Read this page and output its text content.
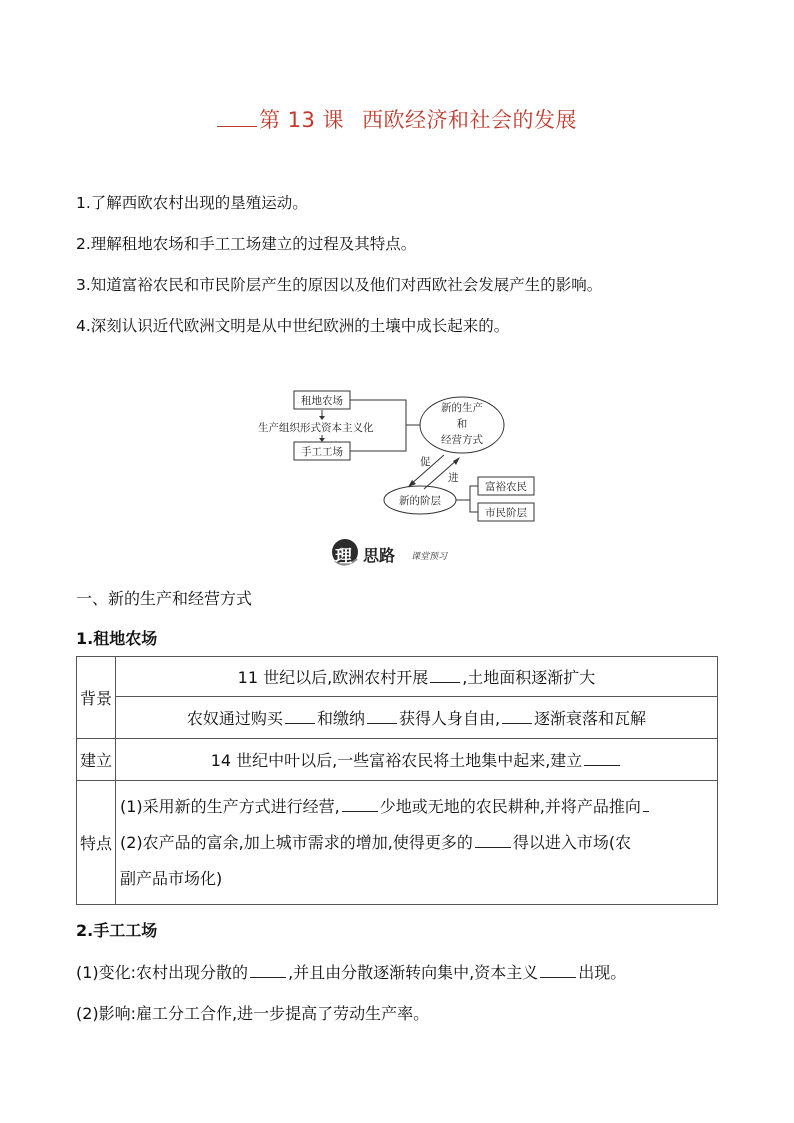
第 13 课 西欧经济和社会的发展
1.了解西欧农村出现的垦殖运动。
2.理解租地农场和手工工场建立的过程及其特点。
3.知道富裕农民和市民阶层产生的原因以及他们对西欧社会发展产生的影响。
4.深刻认识近代欧洲文明是从中世纪欧洲的土壤中成长起来的。
租地农场
生产组织形式资本主义化
手工工场
新的生产
和
经营方式
促
进
新的阶层
富裕农民
市民阶层
理 思路 课堂预习
一、新的生产和经营方式
1.租地农场
背景	11 世纪以后,欧洲农村开展 ,土地面积逐渐扩大
	农奴通过购买 和缴纳 获得人身自由, 逐渐衰落和瓦解
建立	14 世纪中叶以后,一些富裕农民将土地集中起来,建立
特点	(1)采用新的生产方式进行经营, 少地或无地的农民耕种,并将产品推向
(2)农产品的富余,加上城市需求的增加,使得更多的 得以进入市场(农
副产品市场化)
2.手工工场
(1)变化:农村出现分散的	,并且由分散逐渐转向集中,资本主义	出现。
(2)影响:雇工分工合作,进一步提高了劳动生产率。
